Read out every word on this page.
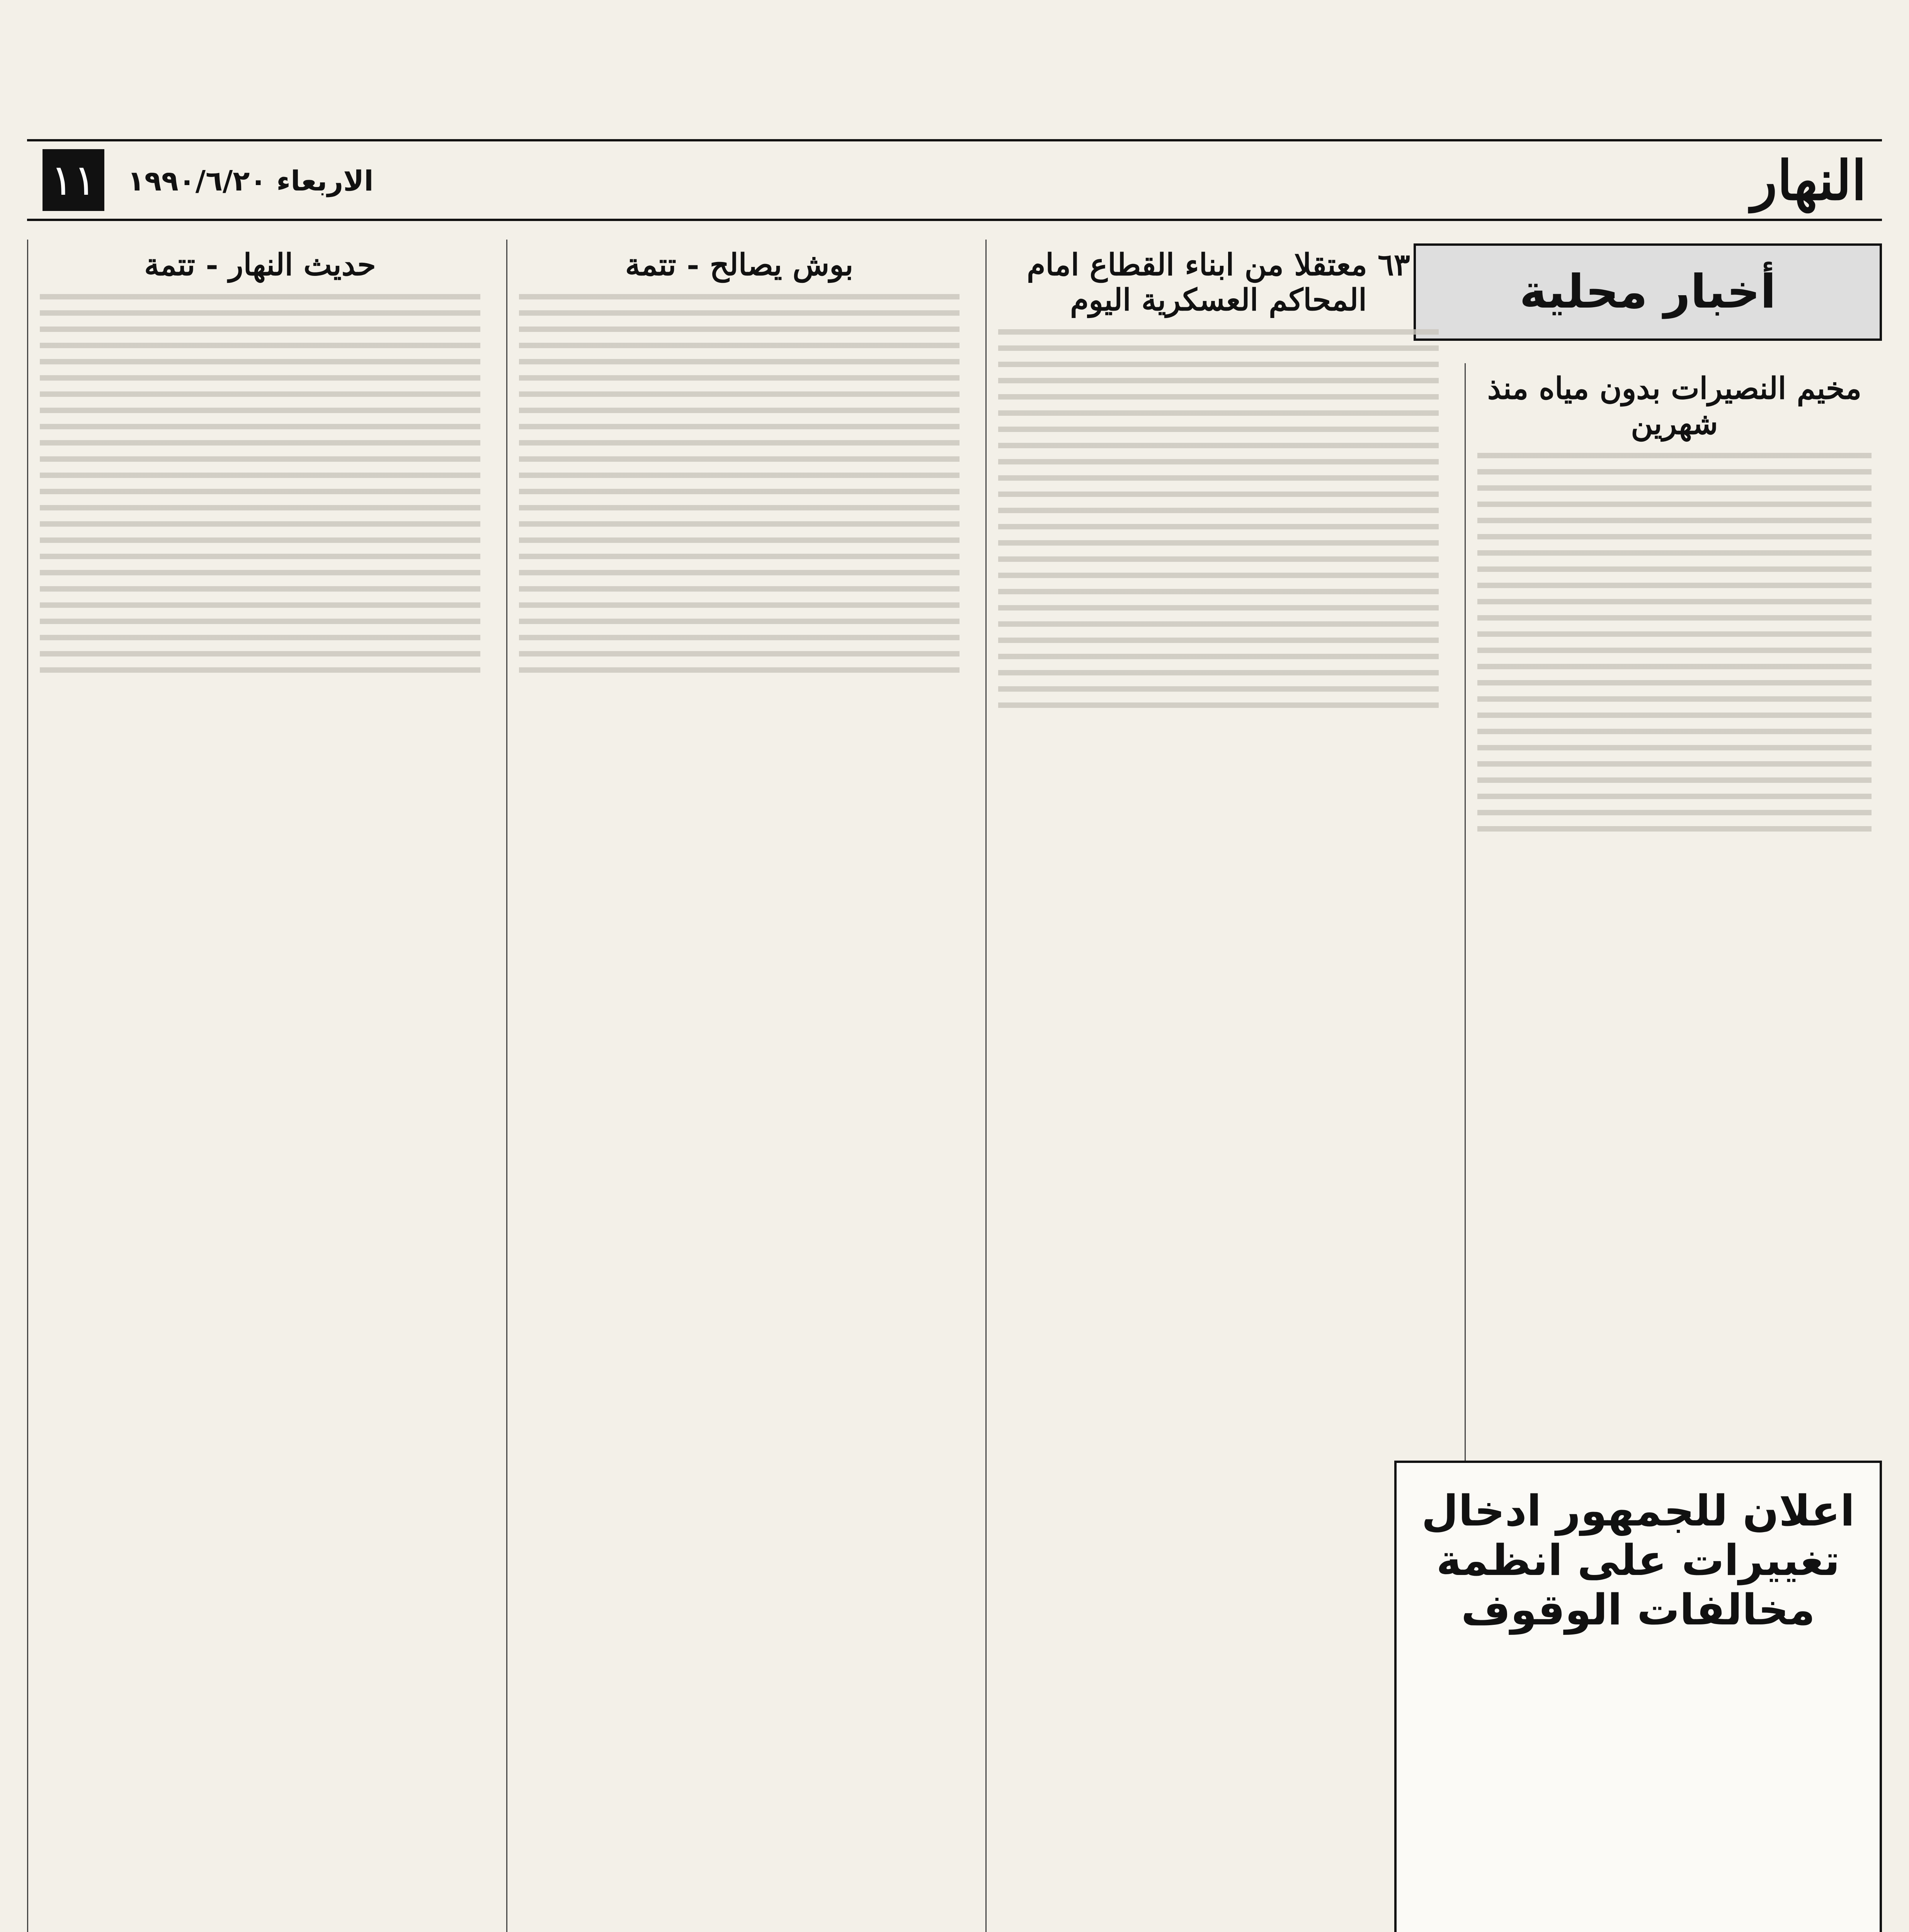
النهار
١١ الاربعاء ١٩٩٠/٦/٢٠
أخبار محلية
مخيم النصيرات بدون مياه منذ شهرين
٦٣ معتقلا من ابناء القطاع امام المحاكم العسكرية اليوم
بوش يصالح - تتمة
حديث النهار - تتمة
اعلان للجمهور ادخال تغييرات على انظمة مخالفات الوقوف
